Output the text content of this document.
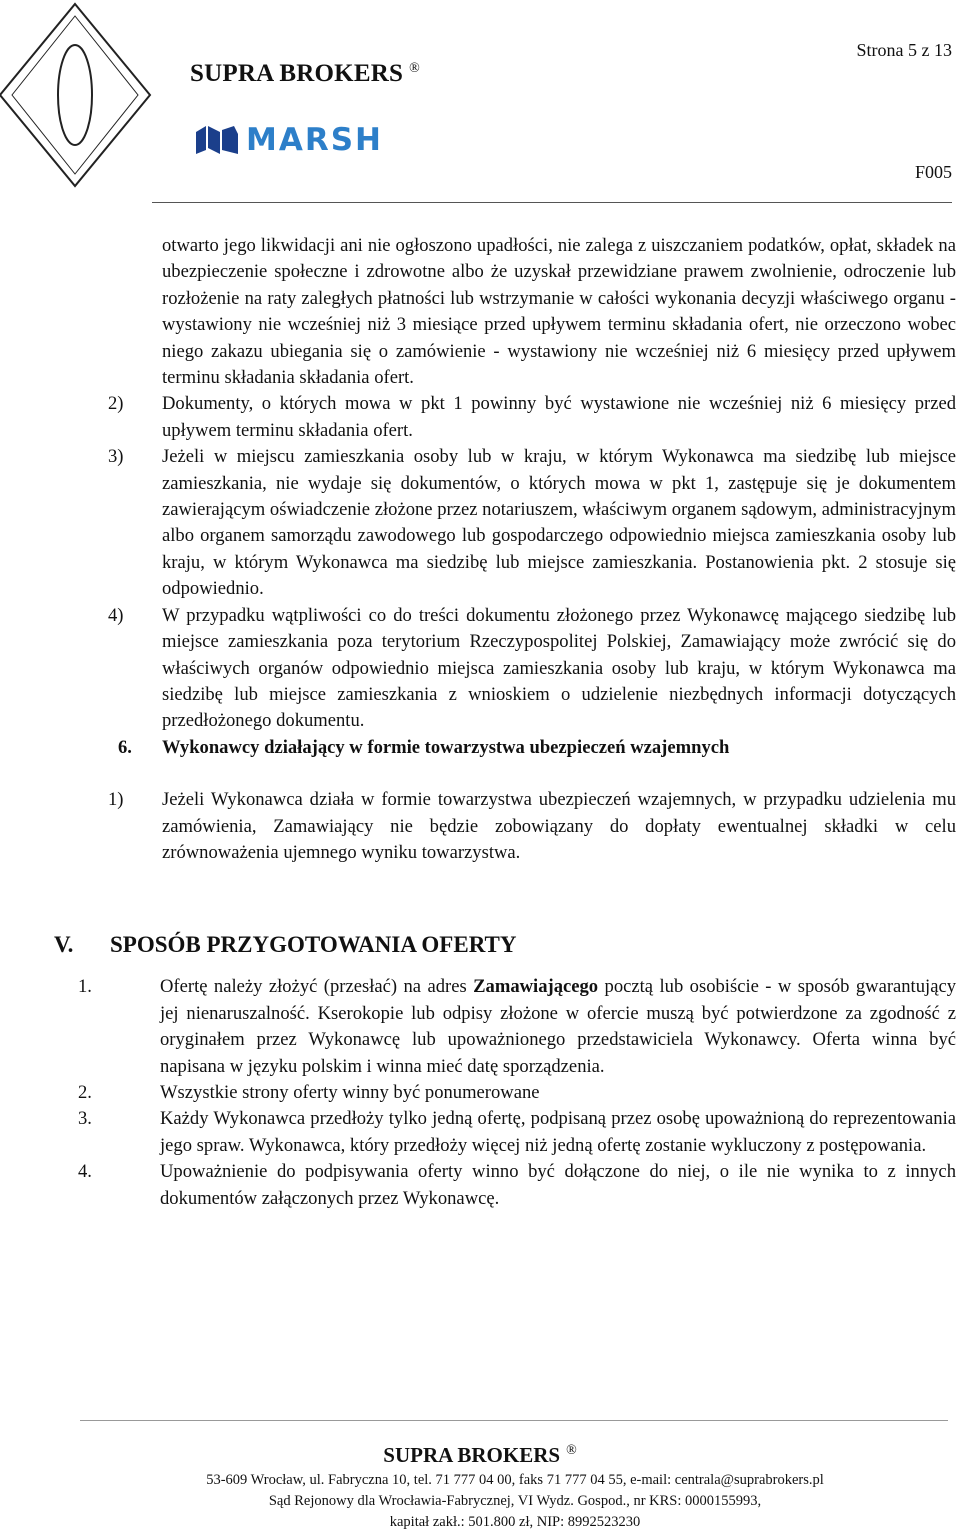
SUPRA BROKERS ®
MARSH
Strona 5 z 13
F005

otwarto jego likwidacji ani nie ogłoszono upadłości, nie zalega z uiszczaniem podatków, opłat, składek na ubezpieczenie społeczne i zdrowotne albo że uzyskał przewidziane prawem zwolnienie, odroczenie lub rozłożenie na raty zaległych płatności lub wstrzymanie w całości wykonania decyzji właściwego organu - wystawiony nie wcześniej niż 3 miesiące przed upływem terminu składania ofert, nie orzeczono wobec niego zakazu ubiegania się o zamówienie - wystawiony nie wcześniej niż 6 miesięcy przed upływem terminu składania składania ofert.

2)	Dokumenty, o których mowa w pkt 1 powinny być wystawione nie wcześniej niż 6 miesięcy przed upływem terminu składania ofert.
3)	Jeżeli w miejscu zamieszkania osoby lub w kraju, w którym Wykonawca ma siedzibę lub miejsce zamieszkania, nie wydaje się dokumentów, o których mowa w pkt 1, zastępuje się je dokumentem zawierającym oświadczenie złożone przez notariuszem, właściwym organem sądowym, administracyjnym albo organem samorządu zawodowego lub gospodarczego odpowiednio miejsca zamieszkania osoby lub kraju, w którym Wykonawca ma siedzibę lub miejsce zamieszkania. Postanowienia pkt. 2 stosuje się odpowiednio.
4)	W przypadku wątpliwości co do treści dokumentu złożonego przez Wykonawcę mającego siedzibę lub miejsce zamieszkania poza terytorium Rzeczypospolitej Polskiej, Zamawiający może zwrócić się do właściwych organów odpowiednio miejsca zamieszkania osoby lub kraju, w którym Wykonawca ma siedzibę lub miejsce zamieszkania z wnioskiem o udzielenie niezbędnych informacji dotyczących przedłożonego dokumentu.

6. Wykonawcy działający w formie towarzystwa ubezpieczeń wzajemnych

1)	Jeżeli Wykonawca działa w formie towarzystwa ubezpieczeń wzajemnych, w przypadku udzielenia mu zamówienia, Zamawiający nie będzie zobowiązany do dopłaty ewentualnej składki w celu zrównoważenia ujemnego wyniku towarzystwa.

V. SPOSÓB PRZYGOTOWANIA OFERTY

1.	Ofertę należy złożyć (przesłać) na adres Zamawiającego pocztą lub osobiście - w sposób gwarantujący jej nienaruszalność. Kserokopie lub odpisy złożone w ofercie muszą być potwierdzone za zgodność z oryginałem przez Wykonawcę lub upoważnionego przedstawiciela Wykonawcy. Oferta winna być napisana w języku polskim i winna mieć datę sporządzenia.
2.	Wszystkie strony oferty winny być ponumerowane
3.	Każdy Wykonawca przedłoży tylko jedną ofertę, podpisaną przez osobę upoważnioną do reprezentowania jego spraw. Wykonawca, który przedłoży więcej niż jedną ofertę zostanie wykluczony z postępowania.
4.	Upoważnienie do podpisywania oferty winno być dołączone do niej, o ile nie wynika to z innych dokumentów załączonych przez Wykonawcę.
SUPRA BROKERS ®
53-609 Wrocław, ul. Fabryczna 10, tel. 71 777 04 00, faks 71 777 04 55, e-mail: centrala@suprabrokers.pl
Sąd Rejonowy dla Wrocławia-Fabrycznej, VI Wydz. Gospod., nr KRS: 0000155993,
kapitał zakł.: 501.800 zł, NIP: 8992523230
